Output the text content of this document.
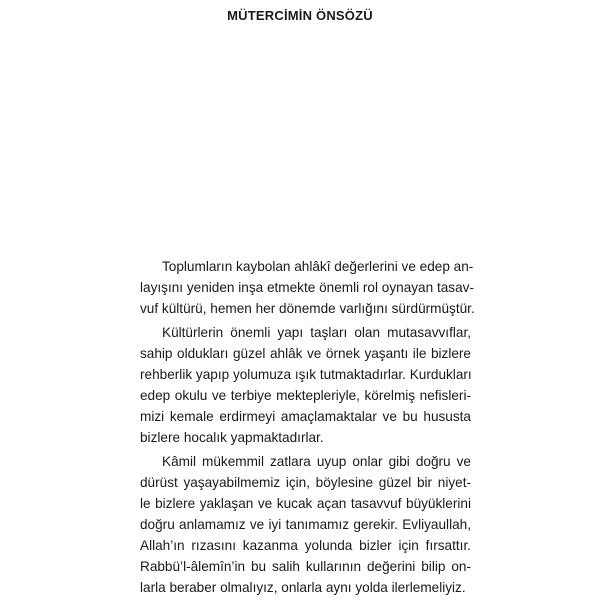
MÜTERCİMİN ÖNSÖZÜ
Toplumların kaybolan ahlâkî değerlerini ve edep an-
layışını yeniden inşa etmekte önemli rol oynayan tasav-
vuf kültürü, hemen her dönemde varlığını sürdürmüştür.
Kültürlerin önemli yapı taşları olan mutasavvıflar,
sahip oldukları güzel ahlâk ve örnek yaşantı ile bizlere
rehberlik yapıp yolumuza ışık tutmaktadırlar. Kurdukları
edep okulu ve terbiye mektepleriyle, körelmiş nefisleri-
mizi kemale erdirmeyi amaçlamaktalar ve bu hususta
bizlere hocalık yapmaktadırlar.
Kâmil mükemmil zatlara uyup onlar gibi doğru ve
dürüst yaşayabilmemiz için, böylesine güzel bir niyet-
le bizlere yaklaşan ve kucak açan tasavvuf büyüklerini
doğru anlamamız ve iyi tanımamız gerekir. Evliyaullah,
Allah’ın rızasını kazanma yolunda bizler için fırsattır.
Rabbü’l-âlemîn’in bu salih kullarının değerini bilip on-
larla beraber olmalıyız, onlarla aynı yolda ilerlemeliyiz.
